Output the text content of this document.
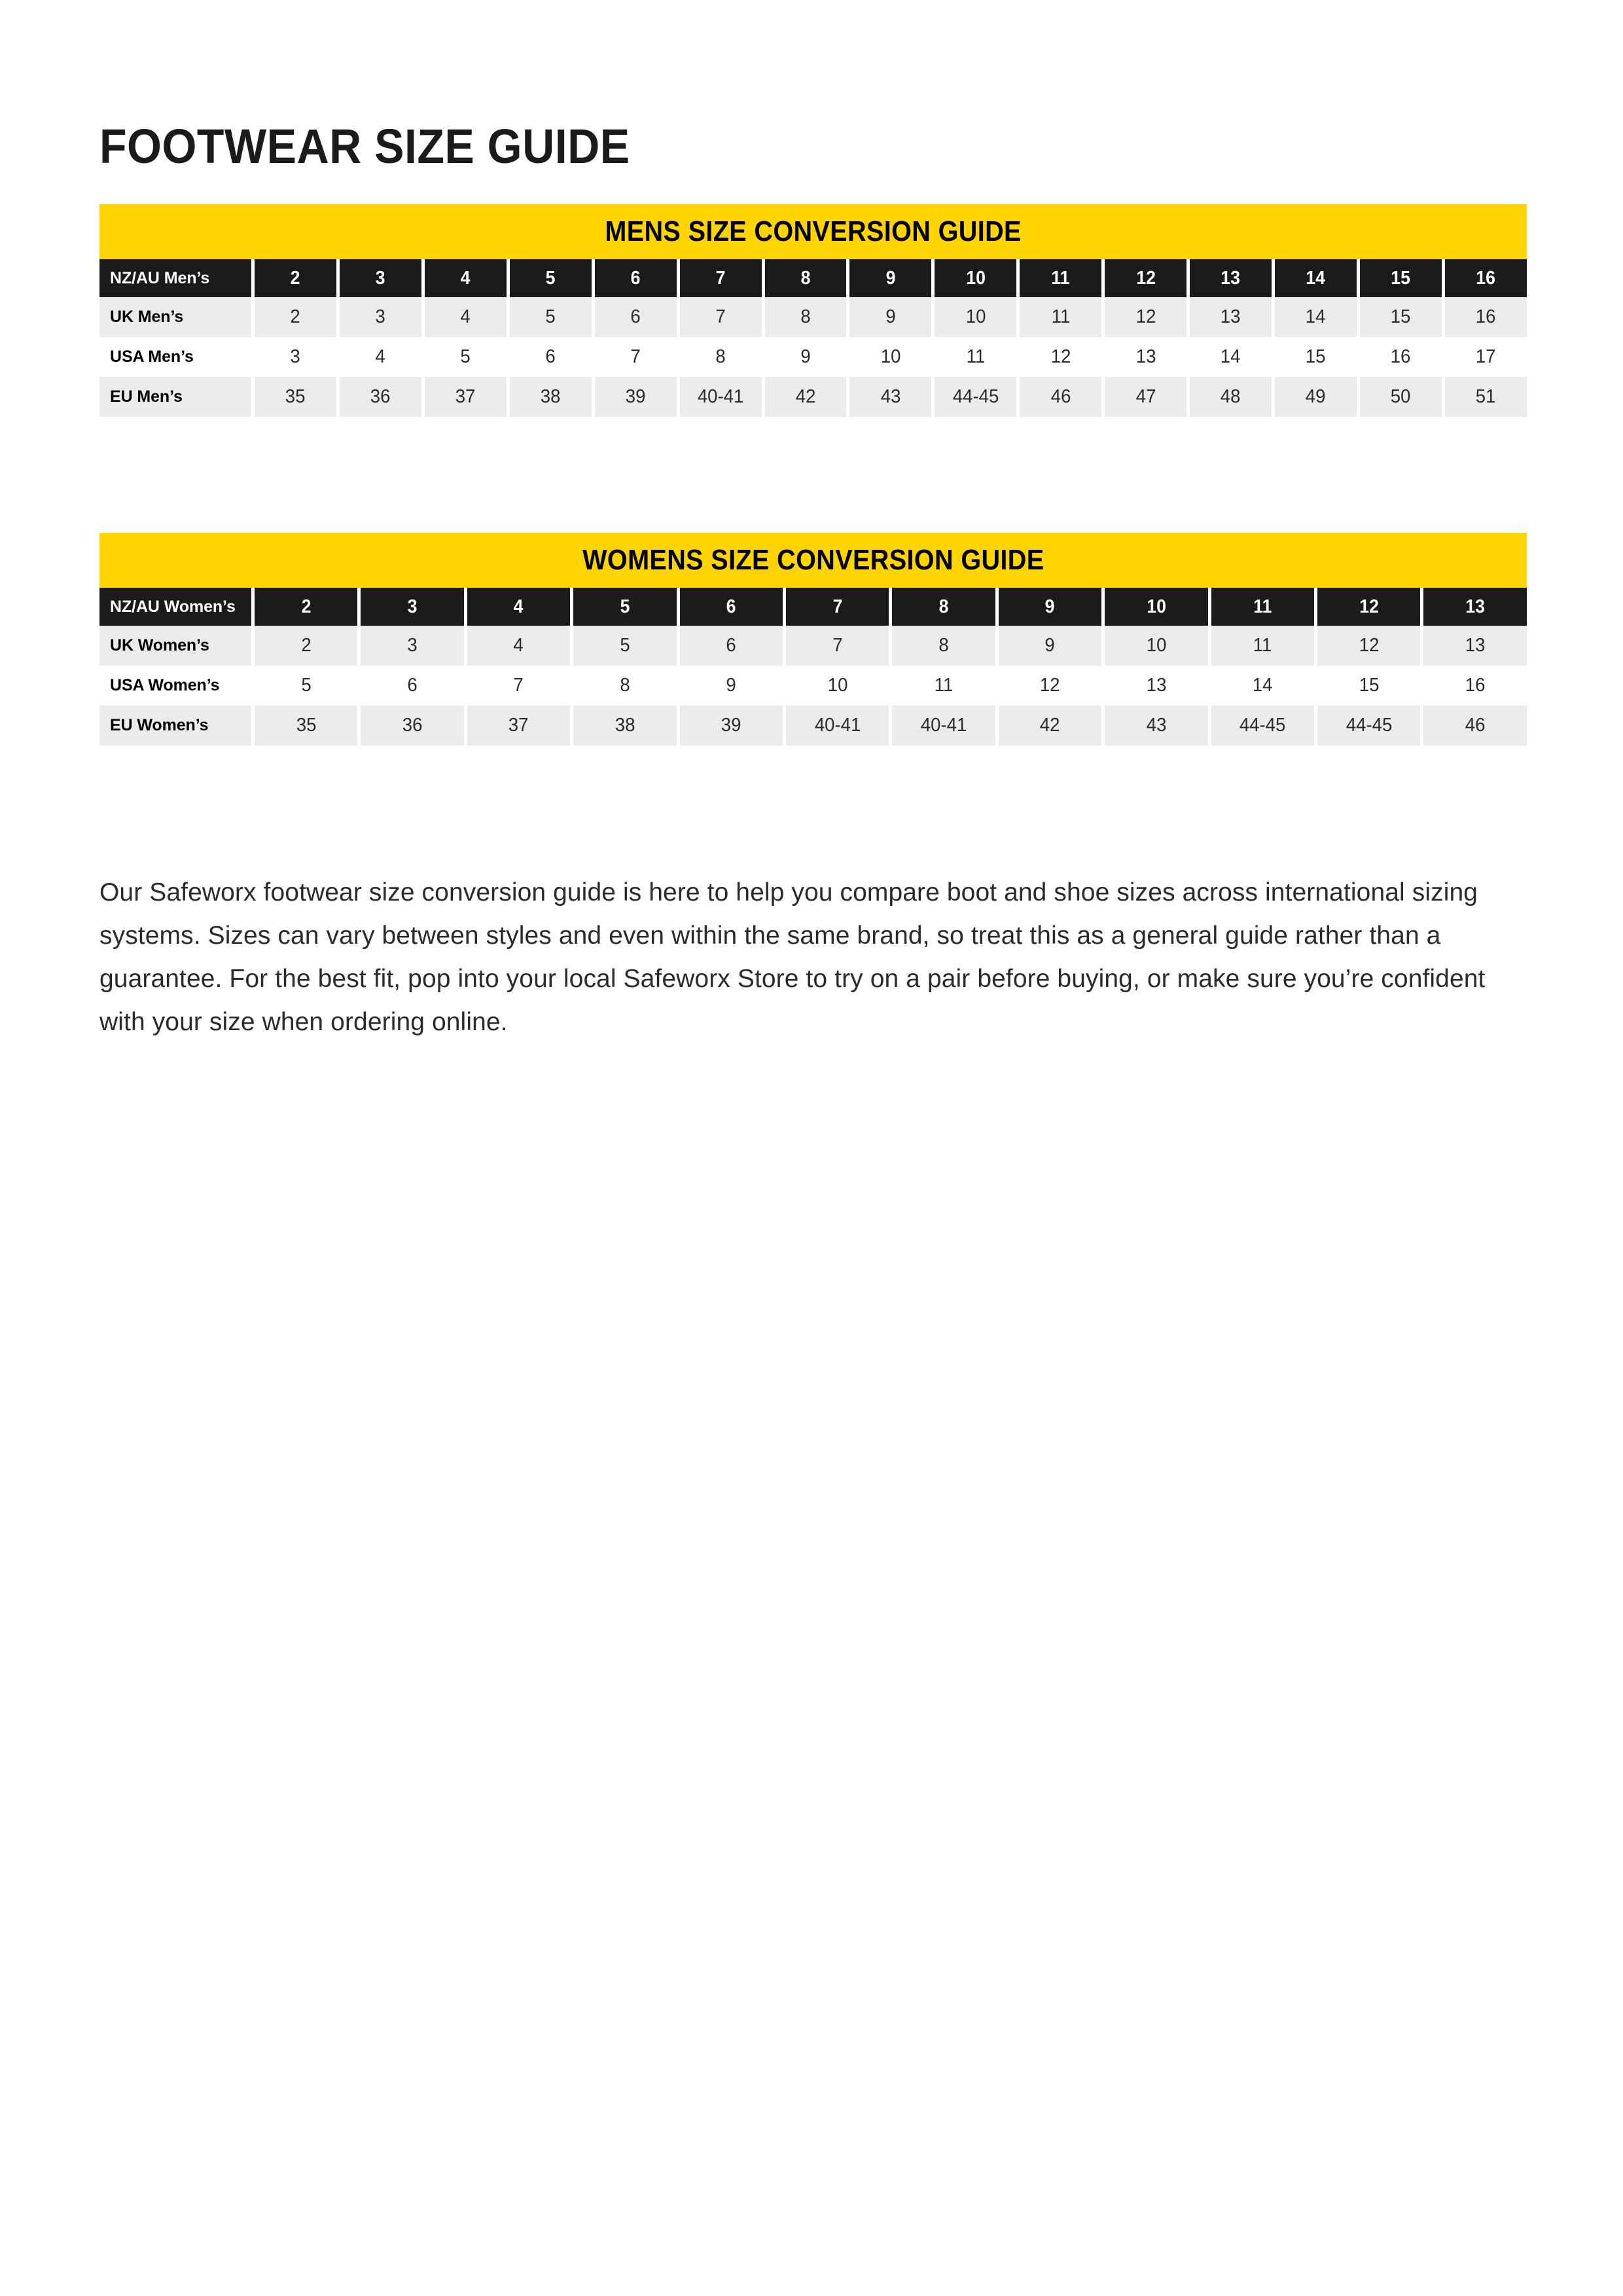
FOOTWEAR SIZE GUIDE
MENS SIZE CONVERSION GUIDE
NZ/AU Men’s	2	3	4	5	6	7	8	9	10	11	12	13	14	15	16
UK Men’s	2	3	4	5	6	7	8	9	10	11	12	13	14	15	16
USA Men’s	3	4	5	6	7	8	9	10	11	12	13	14	15	16	17
EU Men’s	35	36	37	38	39	40-41	42	43	44-45	46	47	48	49	50	51
WOMENS SIZE CONVERSION GUIDE
NZ/AU Women’s	2	3	4	5	6	7	8	9	10	11	12	13
UK Women’s	2	3	4	5	6	7	8	9	10	11	12	13
USA Women’s	5	6	7	8	9	10	11	12	13	14	15	16
EU Women’s	35	36	37	38	39	40-41	40-41	42	43	44-45	44-45	46

Our Safeworx footwear size conversion guide is here to help you compare boot and shoe sizes across international sizing systems. Sizes can vary between styles and even within the same brand, so treat this as a general guide rather than a guarantee. For the best fit, pop into your local Safeworx Store to try on a pair before buying, or make sure you’re confident with your size when ordering online.
